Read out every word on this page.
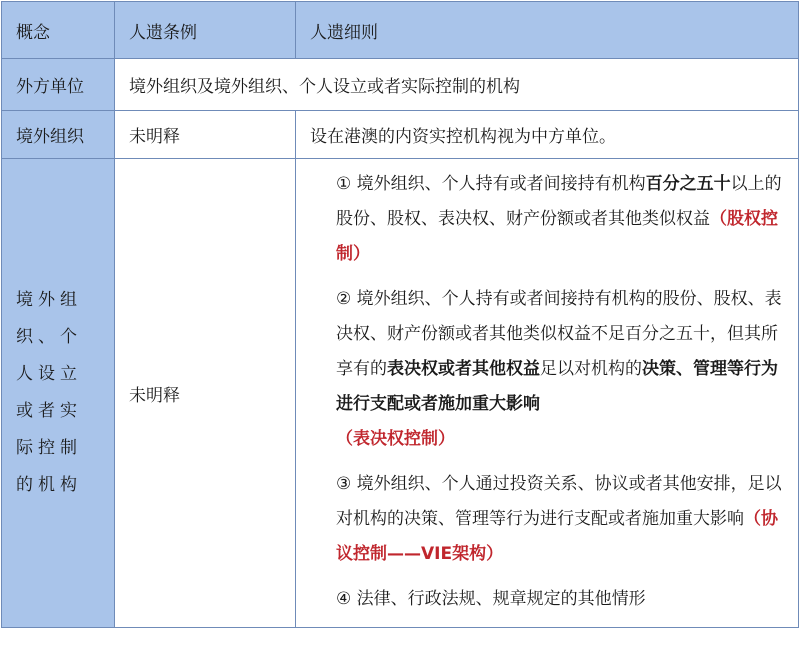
概念	人遗条例	人遗细则

外方单位	境外组织及境外组织、个人设立或者实际控制的机构	

境外组织	未明释	设在港澳的内资实控机构视为中方单位。

境外组织、个人设立或者实际控制的机构	未明释	① 境外组织、个人持有或者间接持有机构百分之五十以上的股份、股权、表决权、财产份额或者其他类似权益（股权控制）
② 境外组织、个人持有或者间接持有机构的股份、股权、表决权、财产份额或者其他类似权益不足百分之五十，但其所享有的表决权或者其他权益足以对机构的决策、管理等行为进行支配或者施加重大影响
（表决权控制）
③ 境外组织、个人通过投资关系、协议或者其他安排，足以对机构的决策、管理等行为进行支配或者施加重大影响（协议控制——VIE架构）
④ 法律、行政法规、规章规定的其他情形
